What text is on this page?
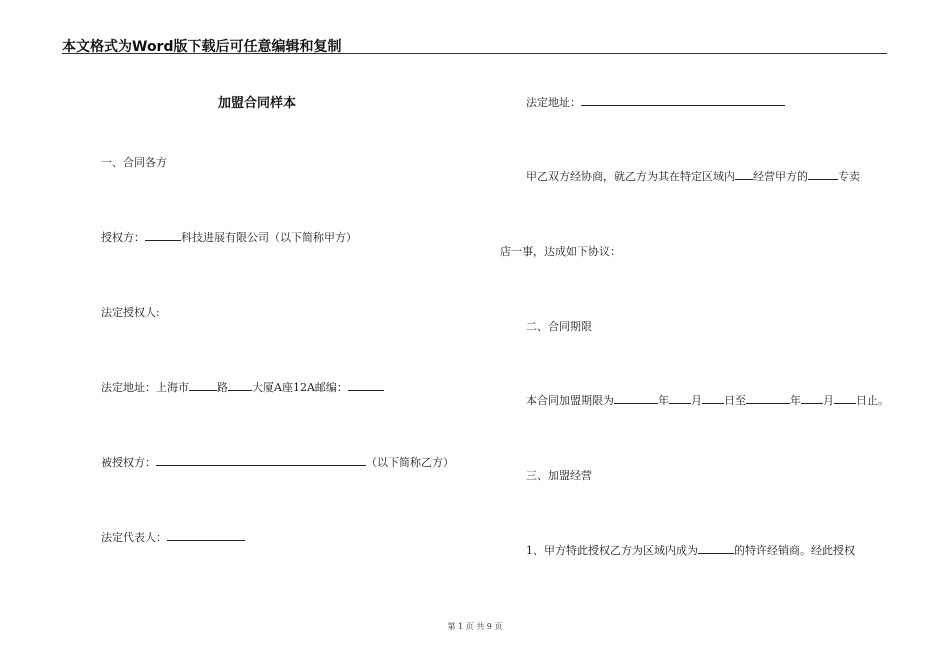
本文格式为Word版下载后可任意编辑和复制
加盟合同样本
一、合同各方
授权方：	科技进展有限公司（以下简称甲方）
法定授权人:
法定地址：上海市	路 大厦A座12A邮编：
被授权方：	（以下简称乙方）
法定代表人：
法定地址：
甲乙双方经协商，就乙方为其在特定区域内 经营甲方的	专卖
店一事，达成如下协议：
二、合同期限
本合同加盟期限为	年 月 日至	年 月 日止。
三、加盟经营
1、甲方特此授权乙方为区域内成为	的特许经销商。经此授权
第 1 页 共 9 页
